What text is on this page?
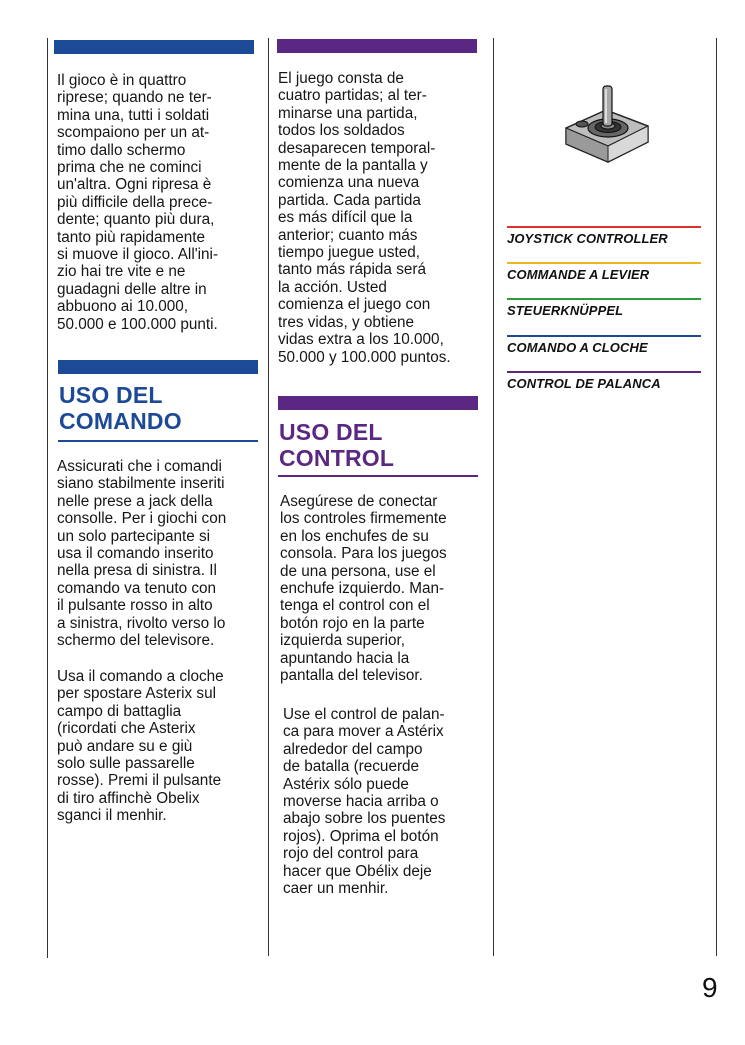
Il gioco è in quattro
riprese; quando ne ter-
mina una, tutti i soldati
scompaiono per un at-
timo dallo schermo
prima che ne cominci
un'altra. Ogni ripresa è
più difficile della prece-
dente; quanto più dura,
tanto più rapidamente
si muove il gioco. All'ini-
zio hai tre vite e ne
guadagni delle altre in
abbuono ai 10.000,
50.000 e 100.000 punti.

USO DEL
COMANDO

Assicurati che i comandi
siano stabilmente inseriti
nelle prese a jack della
consolle. Per i giochi con
un solo partecipante si
usa il comando inserito
nella presa di sinistra. Il
comando va tenuto con
il pulsante rosso in alto
a sinistra, rivolto verso lo
schermo del televisore.

Usa il comando a cloche
per spostare Asterix sul
campo di battaglia
(ricordati che Asterix
può andare su e giù
solo sulle passarelle
rosse). Premi il pulsante
di tiro affinchè Obelix
sganci il menhir.

El juego consta de
cuatro partidas; al ter-
minarse una partida,
todos los soldados
desaparecen temporal-
mente de la pantalla y
comienza una nueva
partida. Cada partida
es más difícil que la
anterior; cuanto más
tiempo juegue usted,
tanto más rápida será
la acción. Usted
comienza el juego con
tres vidas, y obtiene
vidas extra a los 10.000,
50.000 y 100.000 puntos.

USO DEL
CONTROL

Asegúrese de conectar
los controles firmemente
en los enchufes de su
consola. Para los juegos
de una persona, use el
enchufe izquierdo. Man-
tenga el control con el
botón rojo en la parte
izquierda superior,
apuntando hacia la
pantalla del televisor.

Use el control de palan-
ca para mover a Astérix
alrededor del campo
de batalla (recuerde
Astérix sólo puede
moverse hacia arriba o
abajo sobre los puentes
rojos). Oprima el botón
rojo del control para
hacer que Obélix deje
caer un menhir.

JOYSTICK CONTROLLER
COMMANDE A LEVIER
STEUERKNÜPPEL
COMANDO A CLOCHE
CONTROL DE PALANCA
9
